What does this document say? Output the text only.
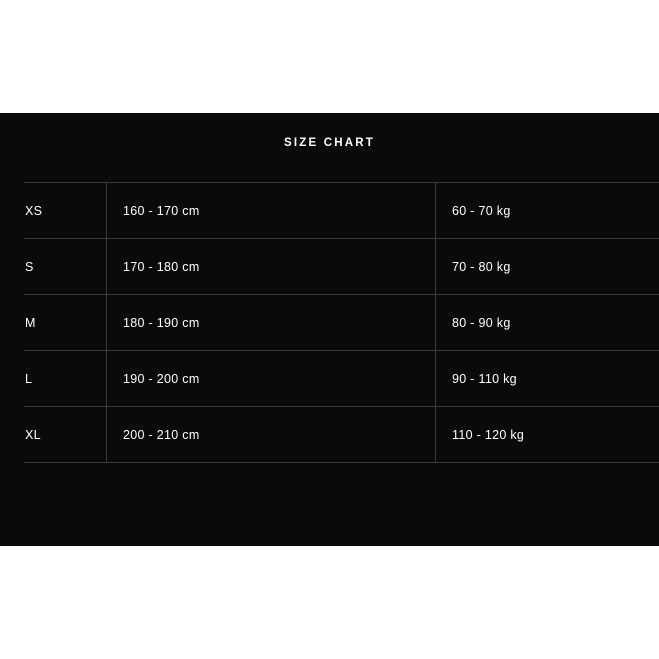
SIZE CHART
XS	160 - 170 cm	60 - 70 kg
S	170 - 180 cm	70 - 80 kg
M	180 - 190 cm	80 - 90 kg
L	190 - 200 cm	90 - 110 kg
XL	200 - 210 cm	110 - 120 kg
The size recommendation is for guidance only.
